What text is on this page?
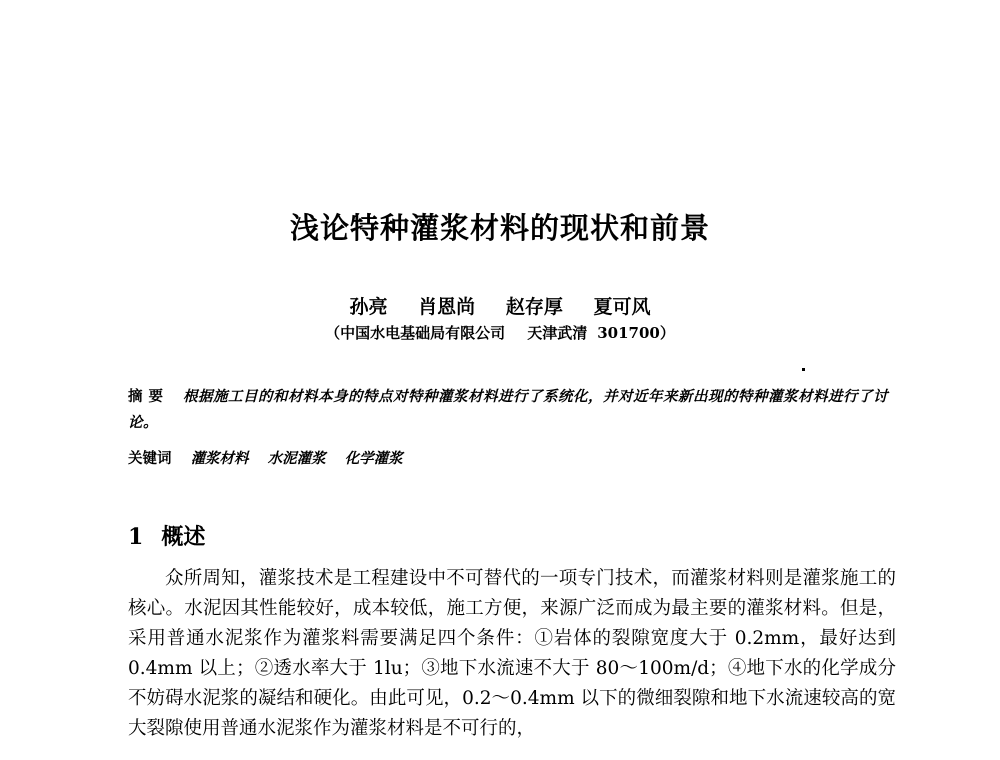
浅论特种灌浆材料的现状和前景
孙亮 肖恩尚 赵存厚 夏可风
（中国水电基础局有限公司 天津武清 301700）
摘要 根据施工目的和材料本身的特点对特种灌浆材料进行了系统化，并对近年来新出现的特种灌浆材料进行了讨论。
关键词 灌浆材料 水泥灌浆 化学灌浆
1 概述
众所周知，灌浆技术是工程建设中不可替代的一项专门技术，而灌浆材料则是灌浆施工的核心。水泥因其性能较好，成本较低，施工方便，来源广泛而成为最主要的灌浆材料。但是，采用普通水泥浆作为灌浆料需要满足四个条件：①岩体的裂隙宽度大于 0.2mm，最好达到 0.4mm 以上；②透水率大于 1lu；③地下水流速不大于 80～100m/d；④地下水的化学成分不妨碍水泥浆的凝结和硬化。由此可见，0.2～0.4mm 以下的微细裂隙和地下水流速较高的宽大裂隙使用普通水泥浆作为灌浆材料是不可行的，
